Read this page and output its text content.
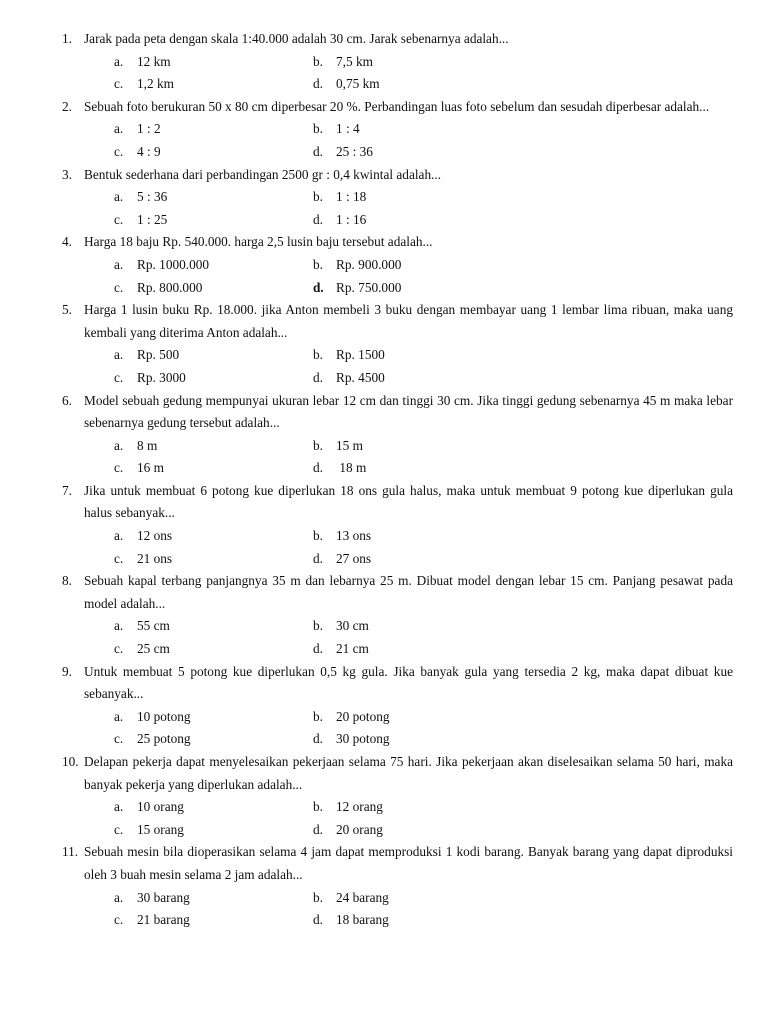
1. Jarak pada peta dengan skala 1:40.000 adalah 30 cm. Jarak sebenarnya adalah...
a. 12 km	b. 7,5 km
c. 1,2 km	d. 0,75 km
2. Sebuah foto berukuran 50 x 80 cm diperbesar 20 %. Perbandingan luas foto sebelum dan sesudah diperbesar adalah...
a. 1 : 2	b. 1 : 4
c. 4 : 9	d. 25 : 36
3. Bentuk sederhana dari perbandingan 2500 gr : 0,4 kwintal adalah...
a. 5 : 36	b. 1 : 18
c. 1 : 25	d. 1 : 16
4. Harga 18 baju Rp. 540.000. harga 2,5 lusin baju tersebut adalah...
a. Rp. 1000.000	b. Rp. 900.000
c. Rp. 800.000	d. Rp. 750.000
5. Harga 1 lusin buku Rp. 18.000. jika Anton membeli 3 buku dengan membayar uang 1 lembar lima ribuan, maka uang kembali yang diterima Anton adalah...
a. Rp. 500	b. Rp. 1500
c. Rp. 3000	d. Rp. 4500
6. Model sebuah gedung mempunyai ukuran lebar 12 cm dan tinggi 30 cm. Jika tinggi gedung sebenarnya 45 m maka lebar sebenarnya gedung tersebut adalah...
a. 8 m	b. 15 m
c. 16 m	d. 18 m
7. Jika untuk membuat 6 potong kue diperlukan 18 ons gula halus, maka untuk membuat 9 potong kue diperlukan gula halus sebanyak...
a. 12 ons	b. 13 ons
c. 21 ons	d. 27 ons
8. Sebuah kapal terbang panjangnya 35 m dan lebarnya 25 m. Dibuat model dengan lebar 15 cm. Panjang pesawat pada model adalah...
a. 55 cm	b. 30 cm
c. 25 cm	d. 21 cm
9. Untuk membuat 5 potong kue diperlukan 0,5 kg gula. Jika banyak gula yang tersedia 2 kg, maka dapat dibuat kue sebanyak...
a. 10 potong	b. 20 potong
c. 25 potong	d. 30 potong
10. Delapan pekerja dapat menyelesaikan pekerjaan selama 75 hari. Jika pekerjaan akan diselesaikan selama 50 hari, maka banyak pekerja yang diperlukan adalah...
a. 10 orang	b. 12 orang
c. 15 orang	d. 20 orang
11. Sebuah mesin bila dioperasikan selama 4 jam dapat memproduksi 1 kodi barang. Banyak barang yang dapat diproduksi oleh 3 buah mesin selama 2 jam adalah...
a. 30 barang	b. 24 barang
c. 21 barang	d. 18 barang
